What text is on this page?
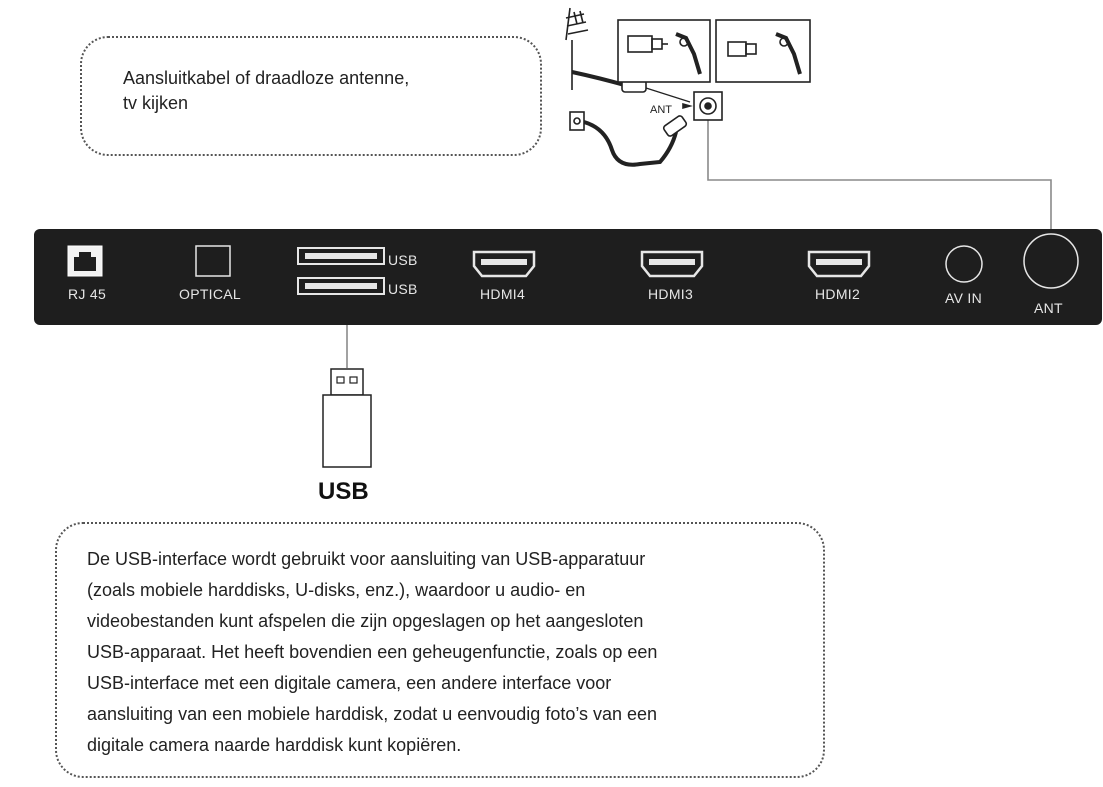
ANT

Aansluitkabel of draadloze antenne,

tv kijken

RJ 45	OPTICAL
USB
USB	HDMI4	HDMI3	HDMI2	AV IN
ANT
USB

De USB-interface wordt gebruikt voor aansluiting van USB-apparatuur

(zoals mobiele harddisks, U-disks, enz.), waardoor u audio- en

videobestanden kunt afspelen die zijn opgeslagen op het aangesloten

USB-apparaat. Het heeft bovendien een geheugenfunctie, zoals op een

USB-interface met een digitale camera, een andere interface voor

aansluiting van een mobiele harddisk, zodat u eenvoudig foto’s van een

digitale camera naarde harddisk kunt kopiëren.
